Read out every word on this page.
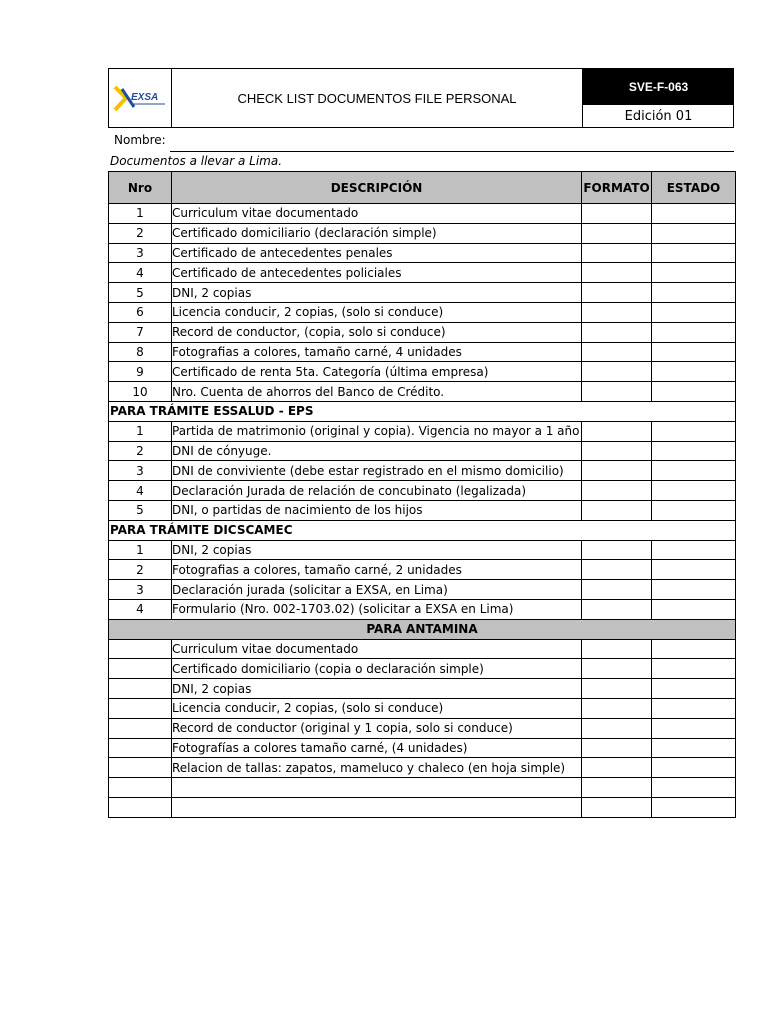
EXSA	CHECK LIST DOCUMENTOS FILE PERSONAL
SVE-F-063
Edición 01
Nombre:
Documentos a llevar a Lima.
Nro	DESCRIPCIÓN	FORMATO	ESTADO
1	Curriculum vitae documentado		
2	Certificado domiciliario (declaración simple)		
3	Certificado de antecedentes penales		
4	Certificado de antecedentes policiales		
5	DNI, 2 copias		
6	Licencia conducir, 2 copias, (solo si conduce)		
7	Record de conductor, (copia, solo si conduce)		
8	Fotografias a colores, tamaño carné, 4 unidades		
9	Certificado de renta 5ta. Categoría (última empresa)		
10	Nro. Cuenta de ahorros del Banco de Crédito.		
PARA TRÁMITE ESSALUD - EPS			
1	Partida de matrimonio (original y copia). Vigencia no mayor a 1 año		
2	DNI de cónyuge.		
3	DNI de conviviente (debe estar registrado en el mismo domicilio)		
4	Declaración Jurada de relación de concubinato (legalizada)		
5	DNI, o partidas de nacimiento de los hijos		
PARA TRÁMITE DICSCAMEC			
1	DNI, 2 copias		
2	Fotografias a colores, tamaño carné, 2 unidades		
3	Declaración jurada (solicitar a EXSA, en Lima)		
4	Formulario (Nro. 002-1703.02) (solicitar a EXSA en Lima)		
PARA ANTAMINA			
	Curriculum vitae documentado		
	Certificado domiciliario (copia o declaración simple)		
	DNI, 2 copias		
	Licencia conducir, 2 copias, (solo si conduce)		
	Record de conductor (original y 1 copia, solo si conduce)		
	Fotografías a colores tamaño carné, (4 unidades)		
	Relacion de tallas: zapatos, mameluco y chaleco (en hoja simple)		
